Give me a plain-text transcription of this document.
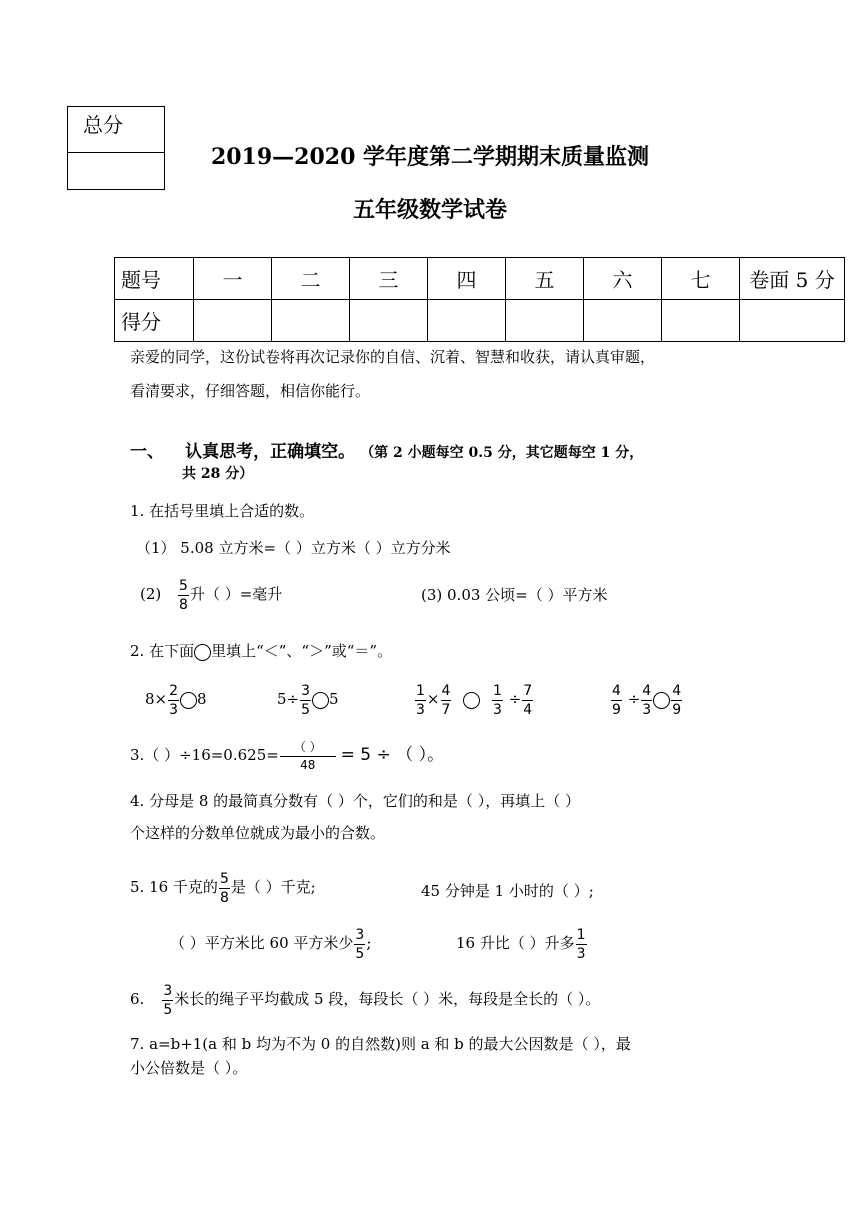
总分
2019—2020 学年度第二学期期末质量监测
五年级数学试卷
题号	一	二	三	四	五	六	七	卷面 5 分
得分								
亲爱的同学，这份试卷将再次记录你的自信、沉着、智慧和收获，请认真审题，
看清要求，仔细答题，相信你能行。
一、 认真思考，正确填空。 （第 2 小题每空 0.5 分，其它题每空 1 分，
共 28 分）
1. 在括号里填上合适的数。
（1） 5.08 立方米=（ ）立方米（ ）立方分米
$(2) \frac{5}{8}$ 升（ ）=毫升	(3) 0.03 公顷=（ ）平方米
2. 在下面 里填上“＜”、“＞”或“＝”。
$8\times \frac{2}{3} 8$	$5\div \frac{3}{5} 5$	$\frac{1}{3} \times \frac{4}{7}$
	$\frac{1}{3} \div \frac{7}{4}$	$\frac{4}{9} \div \frac{4}{3} \frac{4}{9}$
3.（ ）$\div 16=0.625= \frac{( )}{48} = 5$ ÷ （ ）。
4. 分母是 8 的最简真分数有（ ）个，它们的和是（ ），再填上（ ）
个这样的分数单位就成为最小的合数。
5. 16 千克的 $\frac{5}{8}$ 是（ ）千克;	45 分钟是 1 小时的（ ）;
（ ）平方米比 60 平方米少 $\frac{3}{5}$ ;	16 升比（ ）升多 $\frac{1}{3}$
6. $\frac{3}{5}$ 米长的绳子平均截成 5 段，每段长（ ）米，每段是全长的（ ）。
7. a=b+1(a 和 b 均为不为 0 的自然数)则 a 和 b 的最大公因数是（ ），最
小公倍数是（ ）。
